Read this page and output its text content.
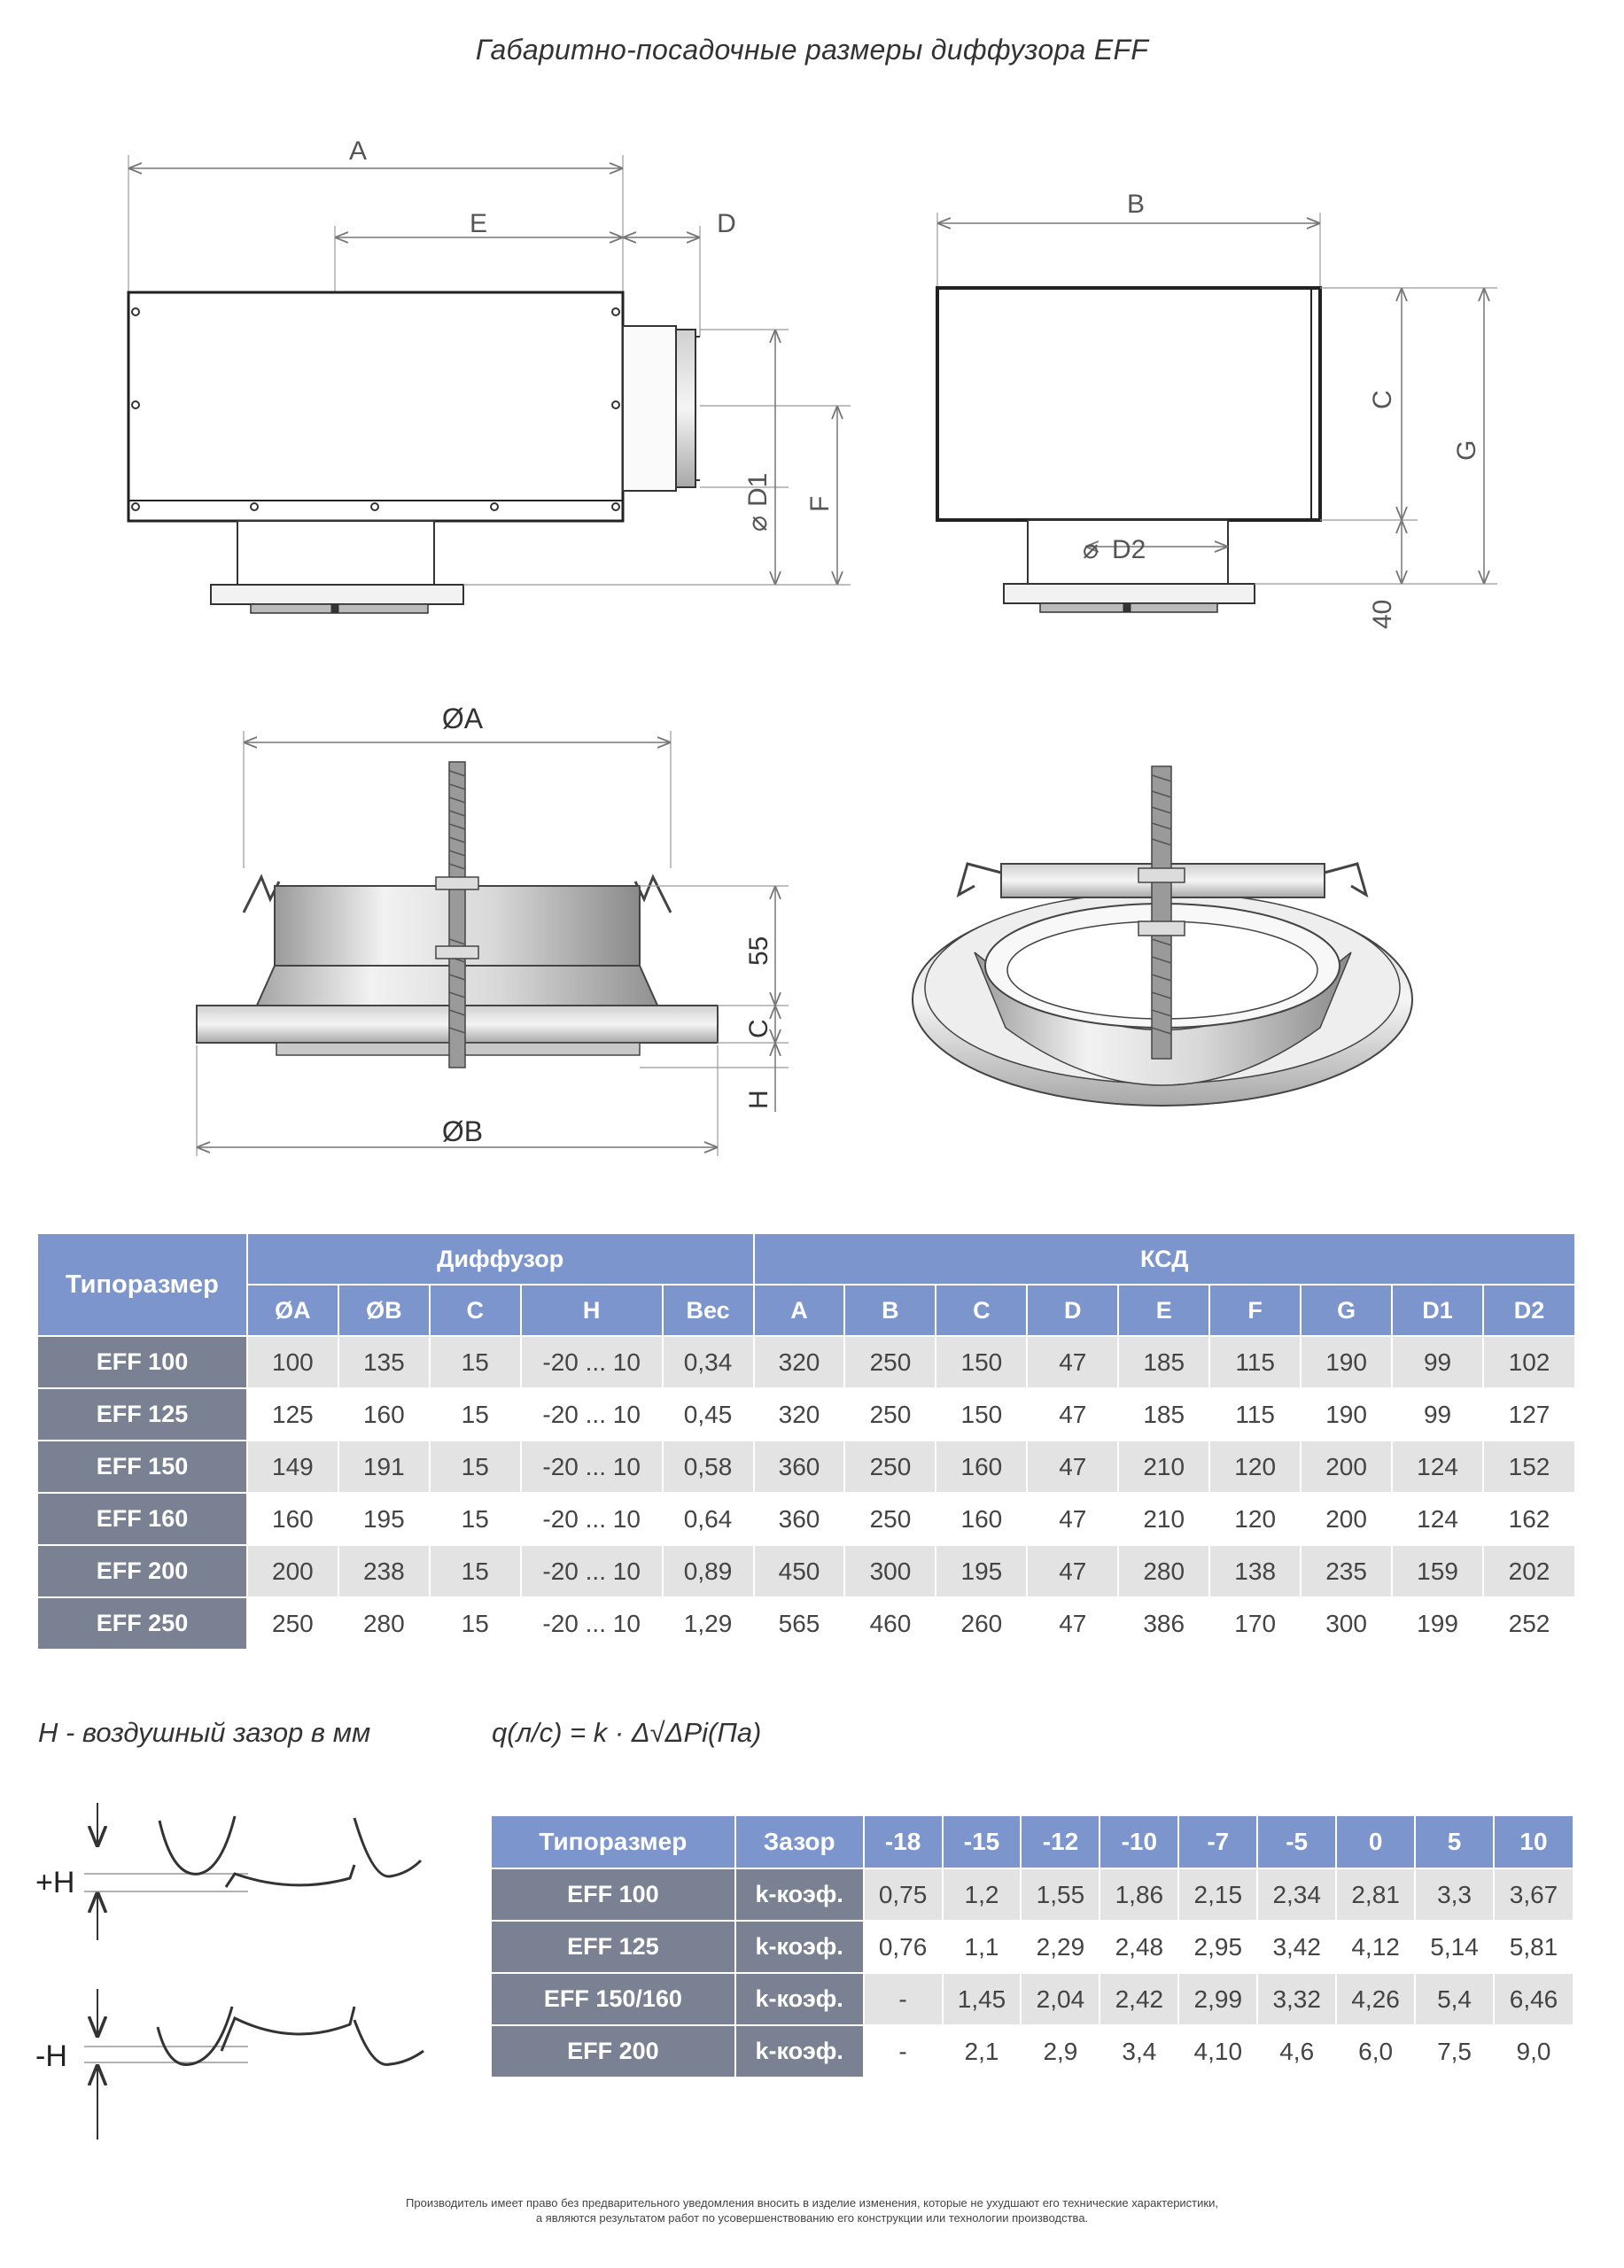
Габаритно-посадочные размеры диффузора EFF
A
E	D
⌀
D1 F
B
⌀ D2
C
G
40
ØA
ØB
55
C
H
Типоразмер	Диффузор					КСД								
	ØA	ØB	C	H	Вес	A	B	C	D	E	F	G	D1	D2
EFF 100	100	135	15	-20 ... 10	0,34	320	250	150	47	185	115	190	99	102
EFF 125	125	160	15	-20 ... 10	0,45	320	250	150	47	185	115	190	99	127
EFF 150	149	191	15	-20 ... 10	0,58	360	250	160	47	210	120	200	124	152
EFF 160	160	195	15	-20 ... 10	0,64	360	250	160	47	210	120	200	124	162
EFF 200	200	238	15	-20 ... 10	0,89	450	300	195	47	280	138	235	159	202
EFF 250	250	280	15	-20 ... 10	1,29	565	460	260	47	386	170	300	199	252
H - воздушный зазор в мм	q(л/с) = k · Δ√ΔPi(Па)
+H
-H
Типоразмер	Зазор	-18	-15	-12	-10	-7	-5	0	5	10
EFF 100	k-коэф.	0,75	1,2	1,55	1,86	2,15	2,34	2,81	3,3	3,67
EFF 125	k-коэф.	0,76	1,1	2,29	2,48	2,95	3,42	4,12	5,14	5,81
EFF 150/160	k-коэф.	-	1,45	2,04	2,42	2,99	3,32	4,26	5,4	6,46
EFF 200	k-коэф.	-	2,1	2,9	3,4	4,10	4,6	6,0	7,5	9,0
Производитель имеет право без предварительного уведомления вносить в изделие изменения, которые не ухудшают его технические характеристики,
а являются результатом работ по усовершенствованию его конструкции или технологии производства.
